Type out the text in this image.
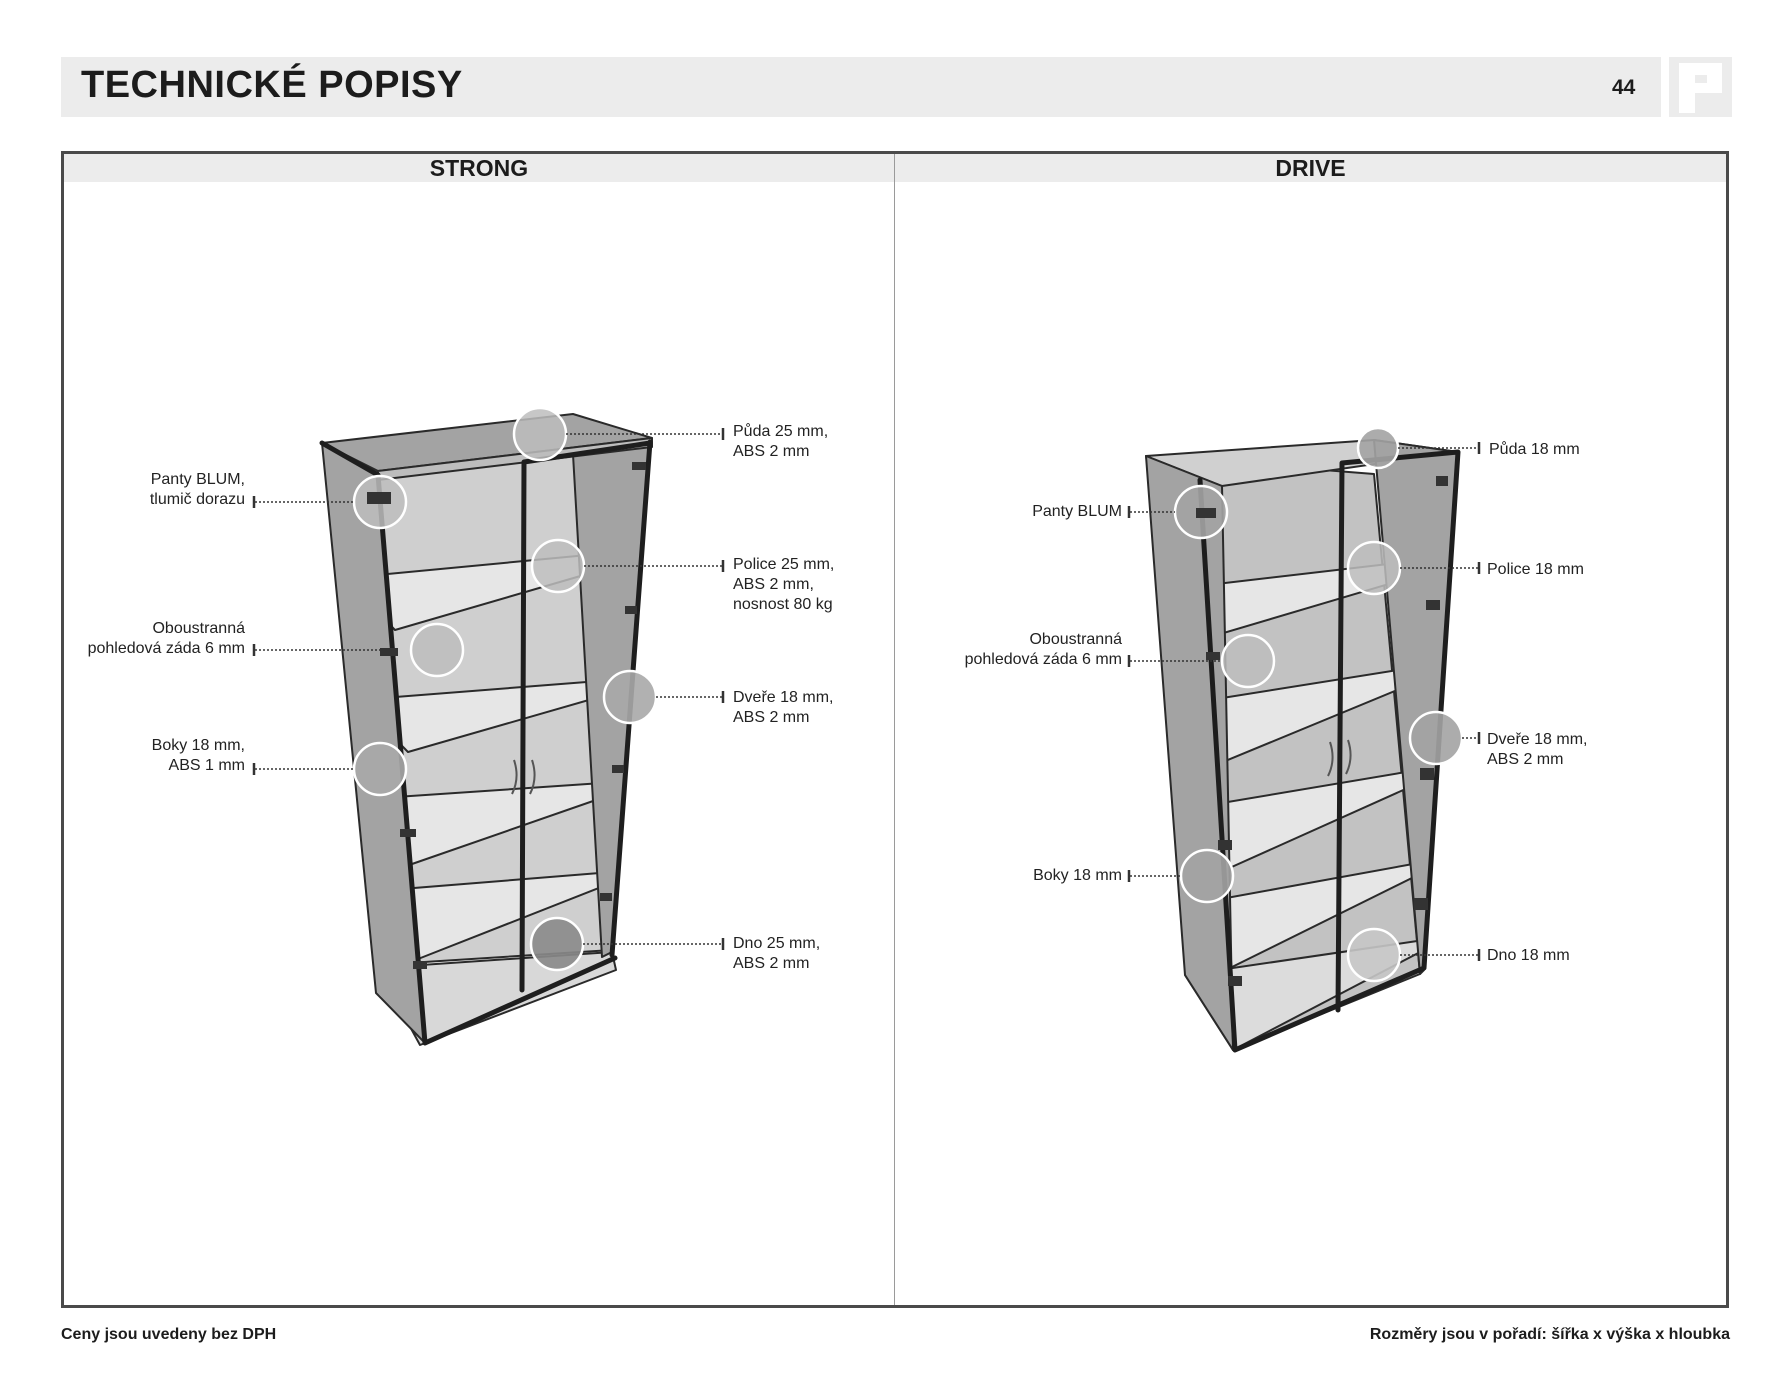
TECHNICKÉ POPISY	44
STRONG	DRIVE
Půda 25 mm,
ABS 2 mm
Panty BLUM,
tlumič dorazu
Police 25 mm,
ABS 2 mm,
nosnost 80 kg
Oboustranná
pohledová záda 6 mm
Dveře 18 mm,
ABS 2 mm
Boky 18 mm,
ABS 1 mm
Dno 25 mm,
ABS 2 mm
Půda 18 mm
Panty BLUM
Police 18 mm
Oboustranná
pohledová záda 6 mm
Dveře 18 mm,
ABS 2 mm
Boky 18 mm
Dno 18 mm
Ceny jsou uvedeny bez DPH	Rozměry jsou v pořadí: šířka x výška x hloubka
